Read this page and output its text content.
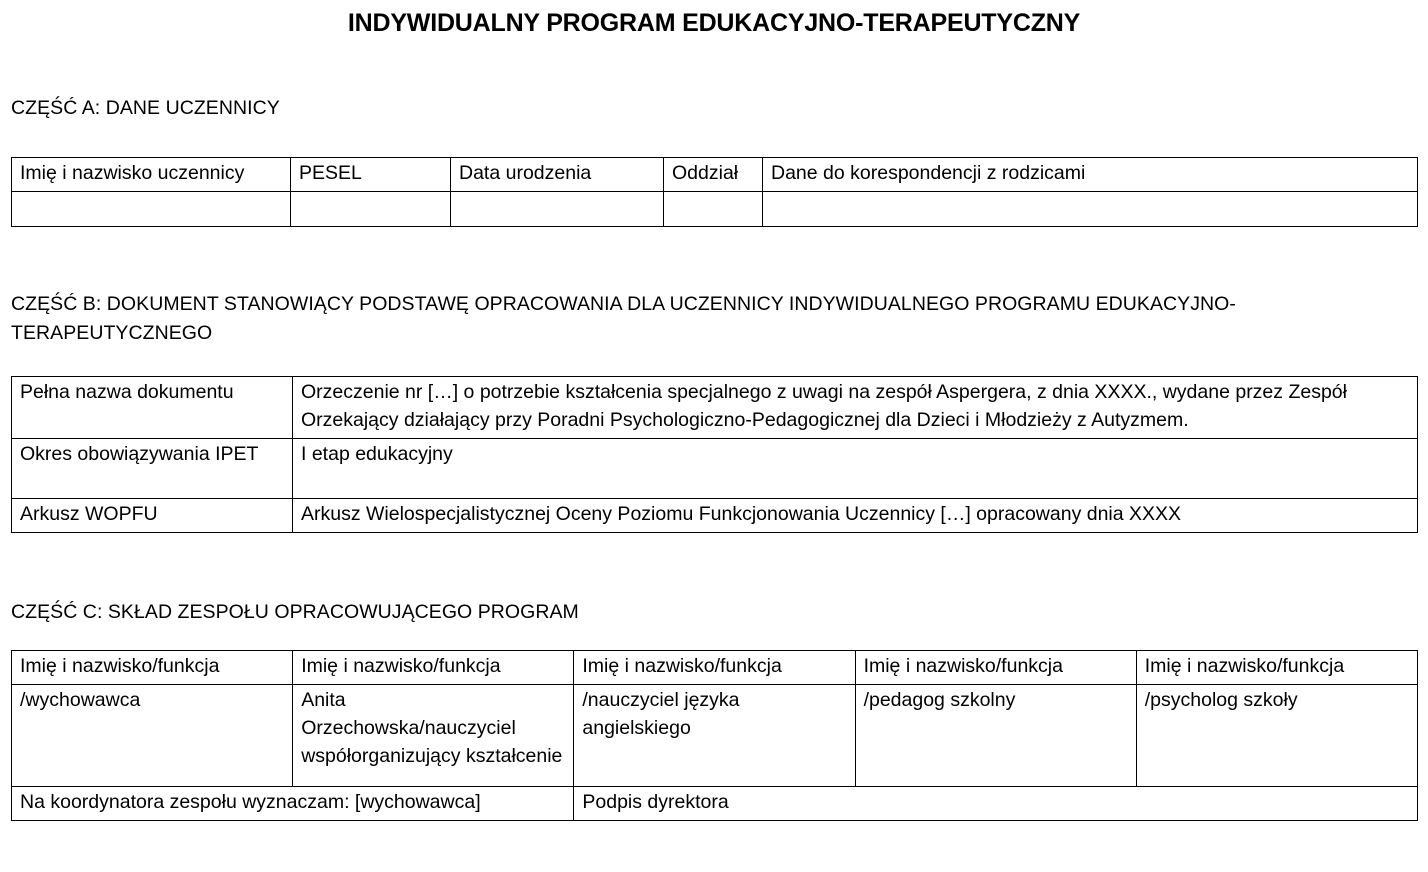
INDYWIDUALNY PROGRAM EDUKACYJNO-TERAPEUTYCZNY
CZĘŚĆ A: DANE UCZENNICY
Imię i nazwisko uczennicy	PESEL	Data urodzenia	Oddział	Dane do korespondencji z rodzicami

CZĘŚĆ B: DOKUMENT STANOWIĄCY PODSTAWĘ OPRACOWANIA DLA UCZENNICY INDYWIDUALNEGO PROGRAMU EDUKACYJNO-TERAPEUTYCZNEGO
Pełna nazwa dokumentu	Orzeczenie nr […] o potrzebie kształcenia specjalnego z uwagi na zespół Aspergera, z dnia XXXX., wydane przez Zespół Orzekający działający przy Poradni Psychologiczno-Pedagogicznej dla Dzieci i Młodzieży z Autyzmem.
Okres obowiązywania IPET	I etap edukacyjny
Arkusz WOPFU	Arkusz Wielospecjalistycznej Oceny Poziomu Funkcjonowania Uczennicy […] opracowany dnia XXXX
CZĘŚĆ C: SKŁAD ZESPOŁU OPRACOWUJĄCEGO PROGRAM
Imię i nazwisko/funkcja	Imię i nazwisko/funkcja	Imię i nazwisko/funkcja	Imię i nazwisko/funkcja	Imię i nazwisko/funkcja
/wychowawca	Anita Orzechowska/nauczyciel współorganizujący kształcenie	/nauczyciel języka angielskiego	/pedagog szkolny	/psycholog szkoły
Na koordynatora zespołu wyznaczam: [wychowawca]		Podpis dyrektora		
